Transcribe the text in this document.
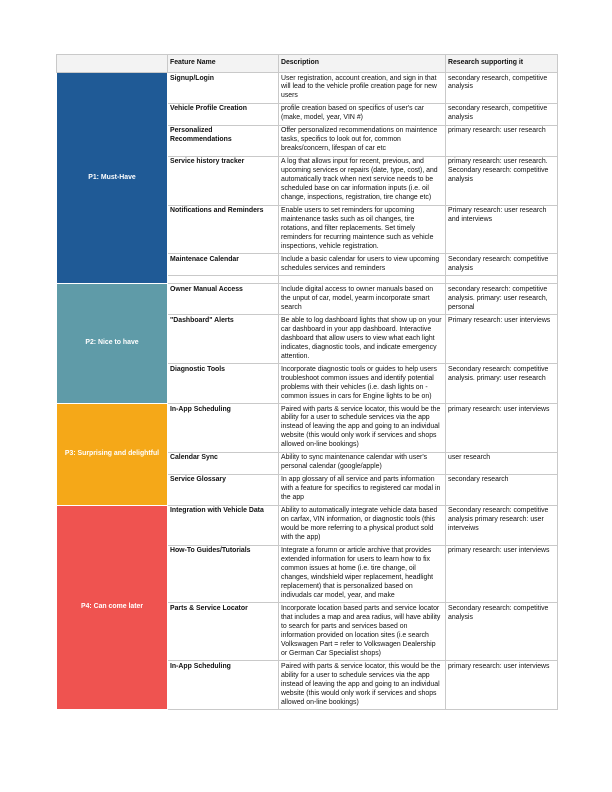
	Feature Name	Description	Research supporting it
P1: Must-Have	Signup/Login	User registration, account creation, and sign in that will lead to the vehicle profile creation page for new users	secondary research, competitive analysis
	Vehicle Profile Creation	profile creation based on specifics of user's car (make, model, year, VIN #)	secondary research, competitive analysis
	Personalized Recommendations	Offer personalized recommendations on maintence tasks, specifics to look out for, common breaks/concern, lifespan of car etc	primary research: user research
	Service history tracker	A log that allows input for recent, previous, and upcoming services or repairs (date, type, cost), and automatically track when next service needs to be scheduled base on car information inputs (i.e. oil change, inspections, registration, tire change etc)	primary research: user research. Secondary research: competitive analysis
	Notifications and Reminders	Enable users to set reminders for upcoming maintenance tasks such as oil changes, tire rotations, and filter replacements. Set timely reminders for recurring maintence such as vehicle inspections, vehicle registration.	Primary research: user research and interviews
	Maintenace Calendar	Include a basic calendar for users to view upcoming schedules services and reminders	Secondary research: competitive analysis

P2: Nice to have	Owner Manual Access	Include digital access to owner manuals based on the unput of car, model, yearm incorporate smart search	secondary research: competitive analysis. primary: user research, personal
	"Dashboard" Alerts	Be able to log dashboard lights that show up on your car dashboard in your app dashboard. Interactive dashboard that allow users to view what each light indicates, diagnostic tools, and indicate emergency attention.	Primary research: user interviews
	Diagnostic Tools	Incorporate diagnostic tools or guides to help users troubleshoot common issues and identify potential problems with their vehicles (i.e. dash lights on - common issues in cars for Engine lights to be on)	Secondary research: competitive analysis. primary: user research
P3: Surprising and delightful	In-App Scheduling	Paired with parts & service locator, this would be the ability for a user to schedule services via the app instead of leaving the app and going to an individual website (this would only work if services and shops allowed on-line bookings)	primary research: user interviews
	Calendar Sync	Ability to sync maintenance calendar with user's personal calendar (google/apple)	user research
	Service Glossary	In app glossary of all service and parts information with a feature for specifics to registered car modal in the app	secondary research
P4: Can come later	Integration with Vehicle Data	Ability to automatically integrate vehicle data based on carfax, VIN information, or diagnostic tools (this would be more referring to a physical product sold with the app)	Secondary research: competitive analysis primary research: user interveiws
	How-To Guides/Tutorials	Integrate a forumn or article archive that provides extended information for users to learn how to fix common issues at home (i.e. tire change, oil changes, windshield wiper replacement, headlight replacement) that is personalized based on indivudals car model, year, and make	primary research: user interviews
	Parts & Service Locator	Incorporate location based parts and service locator that includes a map and area radius, will have ability to search for parts and services based on information provided on location sites (i.e search Volkswagen Part = refer to Volkswagen Dealership or German Car Specialist shops)	Secondary research: competitive analysis
	In-App Scheduling	Paired with parts & service locator, this would be the ability for a user to schedule services via the app instead of leaving the app and going to an individual website (this would only work if services and shops allowed on-line bookings)	primary research: user interviews
